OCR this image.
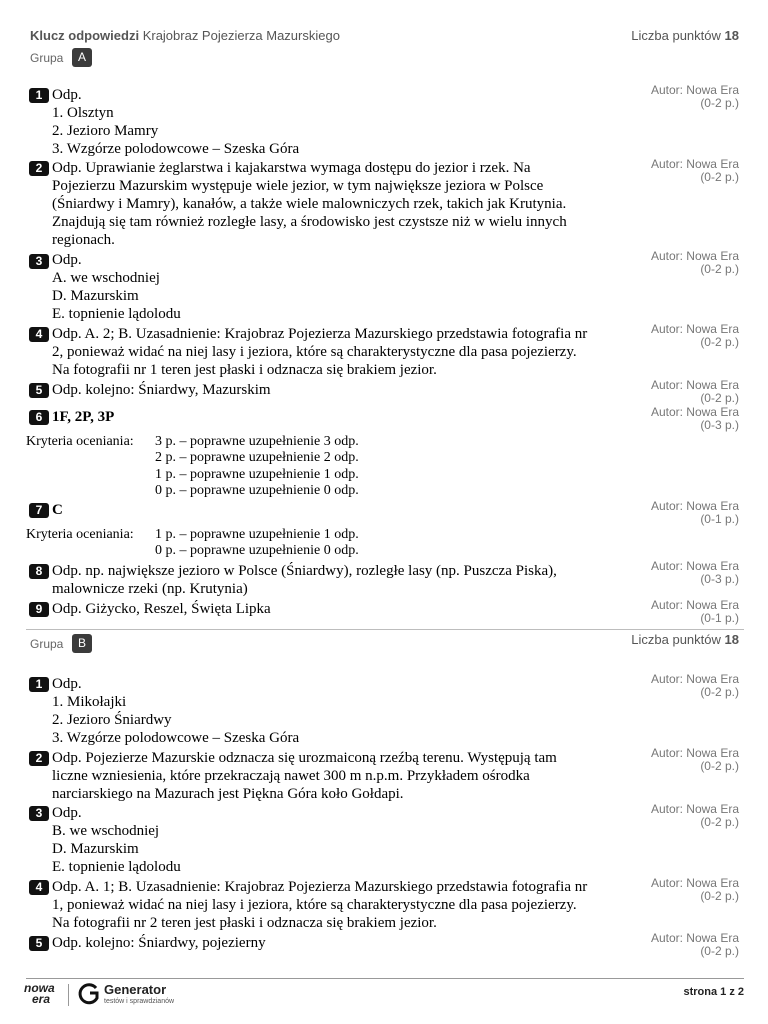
Klucz odpowiedzi Krajobraz Pojezierza Mazurskiego	Liczba punktów 18
Grupa	A
1 Odp.
1. Olsztyn
2. Jezioro Mamry
3. Wzgórze polodowcowe – Szeska Góra
Autor: Nowa Era
(0-2 p.)
2 Odp. Uprawianie żeglarstwa i kajakarstwa wymaga dostępu do jezior i rzek. Na
Pojezierzu Mazurskim występuje wiele jezior, w tym największe jeziora w Polsce
(Śniardwy i Mamry), kanałów, a także wiele malowniczych rzek, takich jak Krutynia.
Znajdują się tam również rozległe lasy, a środowisko jest czystsze niż w wielu innych
regionach.
Autor: Nowa Era
(0-2 p.)
3 Odp.
A. we wschodniej
D. Mazurskim
E. topnienie lądolodu
Autor: Nowa Era
(0-2 p.)
4 Odp. A. 2; B. Uzasadnienie: Krajobraz Pojezierza Mazurskiego przedstawia fotografia nr
2, ponieważ widać na niej lasy i jeziora, które są charakterystyczne dla pasa pojezierzy.
Na fotografii nr 1 teren jest płaski i odznacza się brakiem jezior.
Autor: Nowa Era
(0-2 p.)
5 Odp. kolejno: Śniardwy, Mazurskim	Autor: Nowa Era
(0-2 p.)
6 1F, 2P, 3P	Autor: Nowa Era
(0-3 p.)
Kryteria oceniania: 3 p. – poprawne uzupełnienie 3 odp.
2 p. – poprawne uzupełnienie 2 odp.
1 p. – poprawne uzupełnienie 1 odp.
0 p. – poprawne uzupełnienie 0 odp.
7 C	Autor: Nowa Era
(0-1 p.)
Kryteria oceniania: 1 p. – poprawne uzupełnienie 1 odp.
0 p. – poprawne uzupełnienie 0 odp.
8 Odp. np. największe jezioro w Polsce (Śniardwy), rozległe lasy (np. Puszcza Piska),
malownicze rzeki (np. Krutynia)
Autor: Nowa Era
(0-3 p.)
9 Odp. Giżycko, Reszel, Święta Lipka	Autor: Nowa Era
(0-1 p.)
Grupa	B	Liczba punktów 18
1 Odp.
1. Mikołajki
2. Jezioro Śniardwy
3. Wzgórze polodowcowe – Szeska Góra
Autor: Nowa Era
(0-2 p.)
2 Odp. Pojezierze Mazurskie odznacza się urozmaiconą rzeźbą terenu. Występują tam
liczne wzniesienia, które przekraczają nawet 300 m n.p.m. Przykładem ośrodka
narciarskiego na Mazurach jest Piękna Góra koło Gołdapi.
Autor: Nowa Era
(0-2 p.)
3 Odp.
B. we wschodniej
D. Mazurskim
E. topnienie lądolodu
Autor: Nowa Era
(0-2 p.)
4 Odp. A. 1; B. Uzasadnienie: Krajobraz Pojezierza Mazurskiego przedstawia fotografia nr
1, ponieważ widać na niej lasy i jeziora, które są charakterystyczne dla pasa pojezierzy.
Na fotografii nr 2 teren jest płaski i odznacza się brakiem jezior.
Autor: Nowa Era
(0-2 p.)
5 Odp. kolejno: Śniardwy, pojezierny	Autor: Nowa Era
(0-2 p.)
nowa
era
Generator
testów i sprawdzianów
strona 1 z 2
